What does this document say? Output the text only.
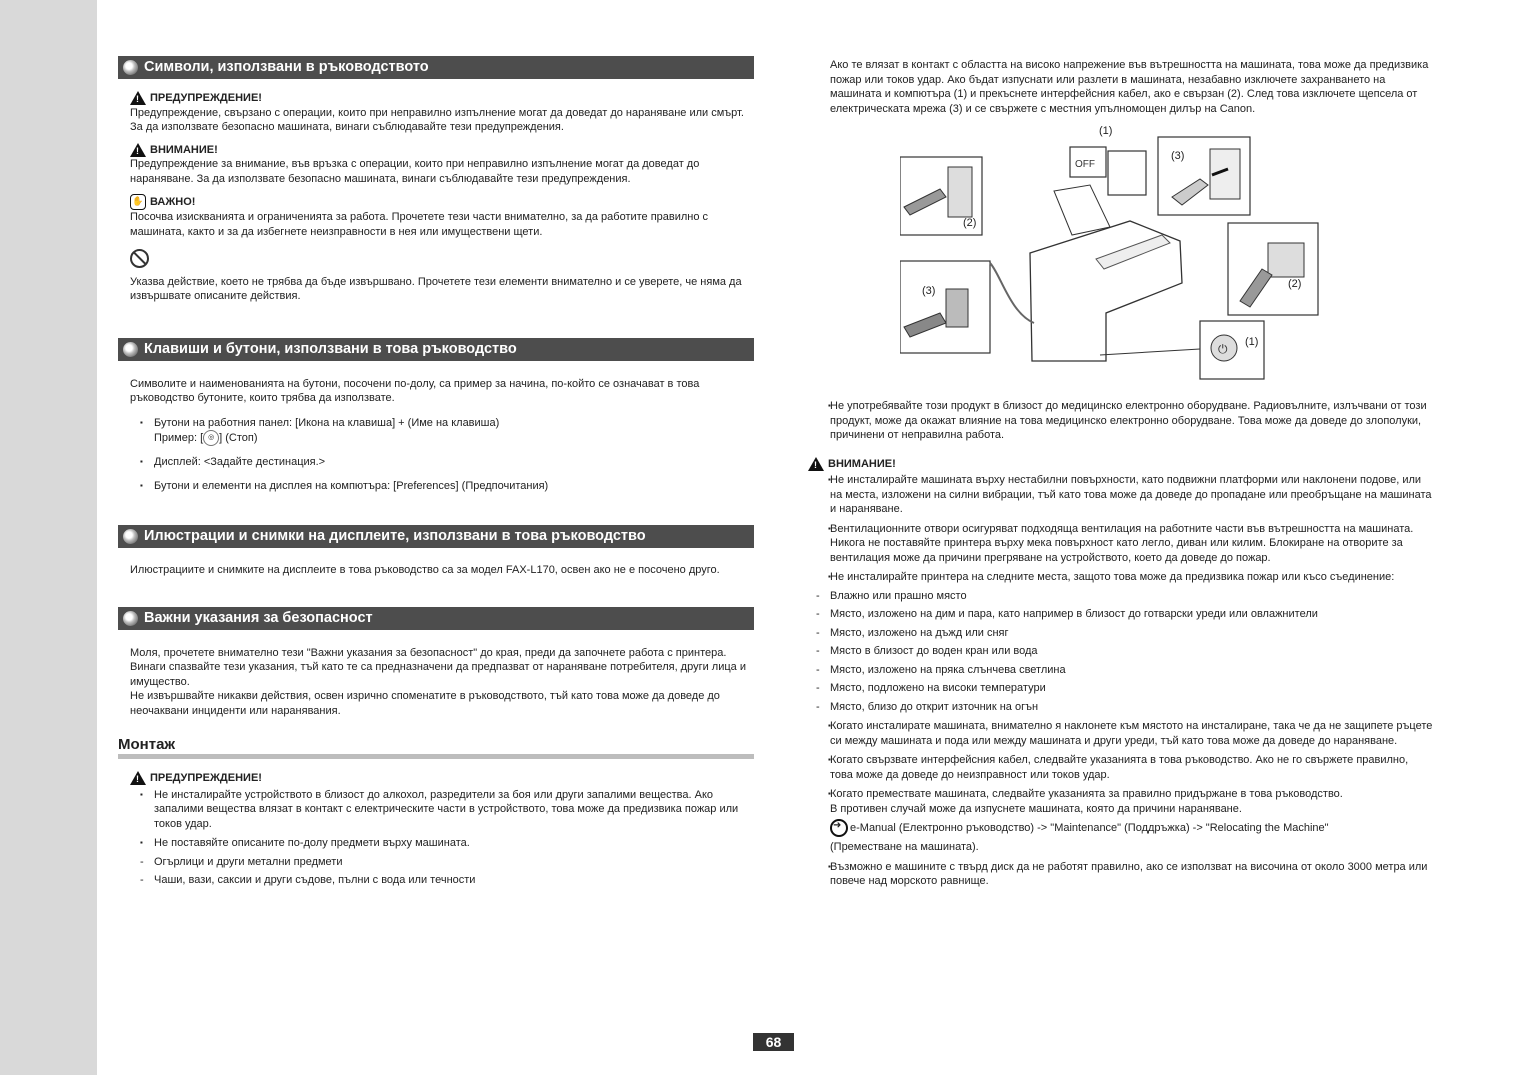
Символи, използвани в ръководството
! ПРЕДУПРЕЖДЕНИЕ!

Предупреждение, свързано с операции, които при неправилно изпълнение могат да доведат до нараняване или смърт. За да използвате безопасно машината, винаги съблюдавайте тези предупреждения.

! ВНИМАНИЕ!

Предупреждение за внимание, във връзка с операции, които при неправилно изпълнение могат да доведат до нараняване. За да използвате безопасно машината, винаги съблюдавайте тези предупреждения.

✋ ВАЖНО!

Посочва изискванията и ограниченията за работа. Прочетете тези части внимателно, за да работите правилно с машината, както и за да избегнете неизправности в нея или имуществени щети.

Указва действие, което не трябва да бъде извършвано. Прочетете тези елементи внимателно и се уверете, че няма да извършвате описаните действия.

Клавиши и бутони, използвани в това ръководство

Символите и наименованията на бутони, посочени по-долу, са пример за начина, по-който се означават в това ръководство бутоните, които трябва да използвате.

▪ Бутони на работния панел: [Икона на клавиша] + (Име на клавиша)
Пример: [ ◎ ] (Стоп)
▪ Дисплей: <Задайте дестинация.>
▪ Бутони и елементи на дисплея на компютъра: [Preferences] (Предпочитания)
Илюстрации и снимки на дисплеите, използвани в това ръководство

Илюстрациите и снимките на дисплеите в това ръководство са за модел FAX-L170, освен ако не е посочено друго.

Важни указания за безопасност

Моля, прочетете внимателно тези "Важни указания за безопасност" до края, преди да започнете работа с принтера.

Винаги спазвайте тези указания, тъй като те са предназначени да предпазват от нараняване потребителя, други лица и имущество.

Не извършвайте никакви действия, освен изрично споменатите в ръководството, тъй като това може да доведе до неочаквани инциденти или наранявания.

Монтаж
! ПРЕДУПРЕЖДЕНИЕ!
▪ Не инсталирайте устройството в близост до алкохол, разредители за боя или други запалими вещества. Ако запалими вещества влязат в контакт с електрическите части в устройството, това може да предизвика пожар или токов удар.
▪ Не поставяйте описаните по-долу предмети върху машината.
- Огърлици и други метални предмети
- Чаши, вази, саксии и други съдове, пълни с вода или течности

Ако те влязат в контакт с областта на високо напрежение във вътрешността на машината, това може да предизвика пожар или токов удар. Ако бъдат изпуснати или разлети в машината, незабавно изключете захранването на машината и компютъра (1) и прекъснете интерфейсния кабел, ако е свързан (2). След това изключете щепсела от електрическата мрежа (3) и се свържете с местния упълномощен дилър на Canon.

(1)
OFF
(3)
(2)
(3)
(2)
⏻ (1)
▪ Не употребявайте този продукт в близост до медицинско електронно оборудване. Радиовълните, излъчвани от този продукт, може да окажат влияние на това медицинско електронно оборудване. Това може да доведе до злополуки, причинени от неправилна работа.
! ВНИМАНИЕ!
▪ Не инсталирайте машината върху нестабилни повърхности, като подвижни платформи или наклонени подове, или на места, изложени на силни вибрации, тъй като това може да доведе до пропадане или преобръщане на машината и нараняване.
▪ Вентилационните отвори осигуряват подходяща вентилация на работните части във вътрешността на машината. Никога не поставяйте принтера върху мека повърхност като легло, диван или килим. Блокиране на отворите за вентилация може да причини прегряване на устройството, което да доведе до пожар.
▪ Не инсталирайте принтера на следните места, защото това може да предизвика пожар или късо съединение:
- Влажно или прашно място
- Място, изложено на дим и пара, като например в близост до готварски уреди или овлажнители
- Място, изложено на дъжд или сняг
- Място в близост до воден кран или вода
- Място, изложено на пряка слънчева светлина
- Място, подложено на високи температури
- Място, близо до открит източник на огън
▪ Когато инсталирате машината, внимателно я наклонете към мястото на инсталиране, така че да не защипете ръцете си между машината и пода или между машината и други уреди, тъй като това може да доведе до нараняване.
▪ Когато свързвате интерфейсния кабел, следвайте указанията в това ръководство. Ако не го свържете правилно, това може да доведе до неизправност или токов удар.
▪ Когато премествате машината, следвайте указанията за правилно придържане в това ръководство.
В противен случай може да изпуснете машината, която да причини нараняване.
➜e-Manual (Електронно ръководство) -> "Maintenance" (Поддръжка) -> "Relocating the Machine"
(Преместване на машината).
▪ Възможно е машините с твърд диск да не работят правилно, ако се използват на височина от около 3000 метра или повече над морското равнище.
68
